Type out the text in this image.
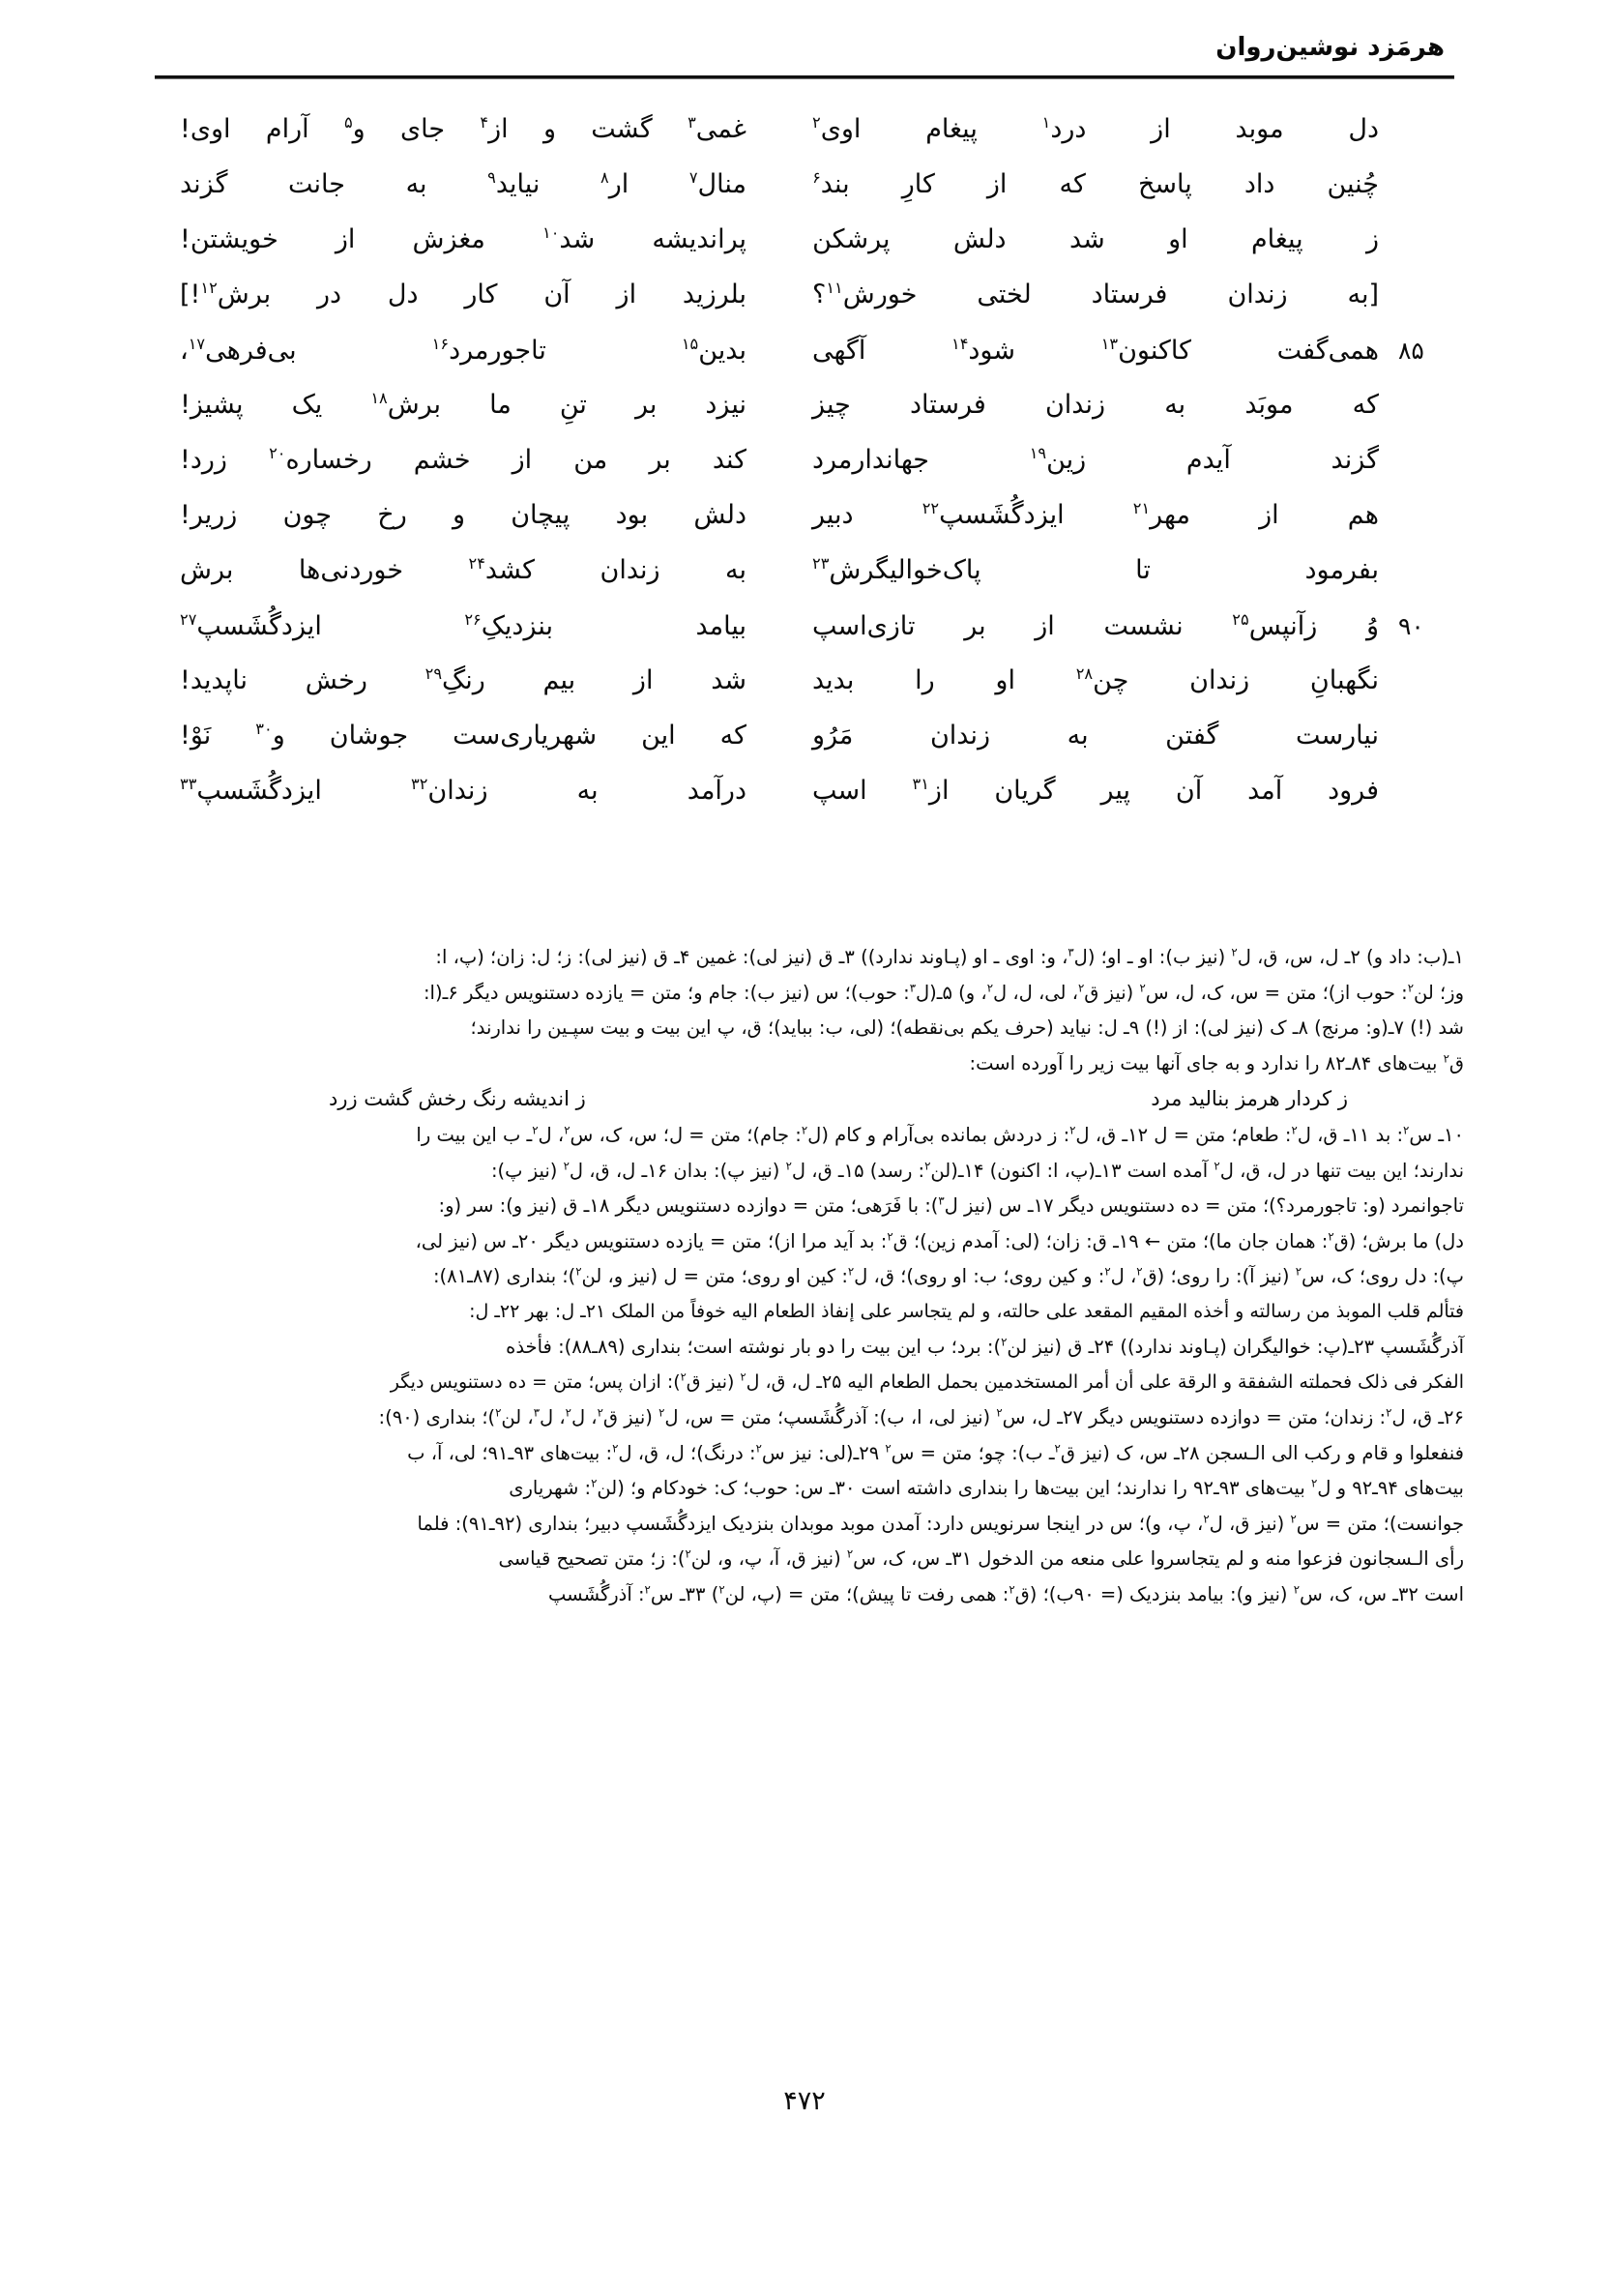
هرمَزد نوشین‌روان
دل
موبد
از
درد$^۱$
پیغام
اوی$^۲$
غمی$^۳$
گشت
و
از$^۴$
جای
و$^۵$
آرام
اوی!
چُنین
داد
پاسخ
که
از
کارِ
بند$^۶$
منال$^۷$
ار$^۸$
نیاید$^۹$
به
جانت
گزند
ز
پیغام
او
شد
دلش
پرشکن
پراندیشه
شد$^{۱۰}$
مغزش
از
خویشتن!
[به
زندان
فرستاد
لختی
خورش$^{۱۱}$؟
بلرزید
از
آن
کار
دل
در
برش$^{۱۲}$!]
۸۵
همی‌گفت
کاکنون$^{۱۳}$
شود$^{۱۴}$
آگهی
بدین$^{۱۵}$
تاجورمرد$^{۱۶}$
بی‌فرهی$^{۱۷}$،
که
موبَد
به
زندان
فرستاد
چیز
نیزد
بر
تنِ
ما
برش$^{۱۸}$
یک
پشیز!
گزند
آیدم
زین$^{۱۹}$
جهاندارمرد
کند
بر
من
از
خشم
رخساره$^{۲۰}$
زرد!
هم
از
مهر$^{۲۱}$
ایزدگُشَسپ$^{۲۲}$
دبیر
دلش
بود
پیچان
و
رخ
چون
زریر!
بفرمود
تا
پاک‌خوالیگرش$^{۲۳}$
به
زندان
کشد$^{۲۴}$
خوردنی‌ها
برش
۹۰
وُ
زآنپس$^{۲۵}$
نشست
از
بر
تازی‌اسپ
بیامد
بنزدیکِ$^{۲۶}$
ایزدگُشَسپ$^{۲۷}$
نگهبانِ
زندان
چن$^{۲۸}$
او
را
بدید
شد
از
بیم
رنگِ$^{۲۹}$
رخش
ناپدید!
نیارست
گفتن
به
زندان
مَرُو
که
این
شهریاری‌ست
جوشان
و$^{۳۰}$
نَوْ!
فرود
آمد
آن
پیر
گریان
از$^{۳۱}$
اسپ
درآمد
به
زندان$^{۳۲}$
ایزدگُشَسپ$^{۳۳}$
۱ـ(ب: داد و) ۲ـ ل، س، ق، ل$^۲$ (نیز ب): او ـ او؛ (ل$^۳$، و: اوی ـ او (پـاوند ندارد)) ۳ـ ق (نیز لی): غمین ۴ـ ق (نیز لی): ز؛ ل: زان؛ (پ، ا:
وز؛ لن$^۲$: حوب از)؛ متن = س، ک، ل، س$^۲$ (نیز ق$^۲$، لی، ل، ل$^۲$، و) ۵ـ(ل$^۳$: حوب)؛ س (نیز ب): جام و؛ متن = یازده دستنویس دیگر ۶ـ(ا:
شد (!) ۷ـ(و: مرنج) ۸ـ ک (نیز لی): از (!) ۹ـ ل: نیاید (حرف یکم بی‌نقطه)؛ (لی، ب: بباید)؛ ق، پ این بیت و بیت سپـین را ندارند؛
ق$^۲$ بیت‌های ۸۴ـ۸۲ را ندارد و به جای آنها بیت زیر را آورده است:
ز کردار هرمز بنالید مرد
ز اندیشه رنگ رخش گشت زرد
۱۰ـ س$^۲$: بد ۱۱ـ ق، ل$^۲$: طعام؛ متن = ل ۱۲ـ ق، ل$^۲$: ز دردش بمانده بی‌آرام و کام (ل$^۲$: جام)؛ متن = ل؛ س، ک، س$^۲$، ل$^۲$ـ ب این بیت را
ندارند؛ این بیت تنها در ل، ق، ل$^۲$ آمده است ۱۳ـ(پ، ا: اکنون) ۱۴ـ(لن$^۲$: رسد) ۱۵ـ ق، ل$^۲$ (نیز پ): بدان ۱۶ـ ل، ق، ل$^۲$ (نیز پ):
تاجوانمرد (و: تاجورمرد؟)؛ متن = ده دستنویس دیگر ۱۷ـ س (نیز ل$^۳$): با فَرَهی؛ متن = دوازده دستنویس دیگر ۱۸ـ ق (نیز و): سر (و:
دل) ما برش؛ (ق$^۲$: همان جان ما)؛ متن ← ۱۹ـ ق: زان؛ (لی: آمدم زین)؛ ق$^۲$: بد آید مرا از)؛ متن = یازده دستنویس دیگر ۲۰ـ س (نیز لی،
پ): دل روی؛ ک، س$^۲$ (نیز آ): را روی؛ (ق$^۲$، ل$^۲$: و کین روی؛ ب: او روی)؛ ق، ل$^۲$: کین او روی؛ متن = ل (نیز و، لن$^۲$)؛ بنداری (۸۷ـ۸۱):
فتألم قلب الموبذ من رسالته و أخذه المقیم المقعد علی حالته، و لم یتجاسر علی إنفاذ الطعام الیه خوفاً من الملک ۲۱ـ ل: بهر ۲۲ـ ل:
آذرگُشَسپ ۲۳ـ(پ: خوالیگران (پـاوند ندارد)) ۲۴ـ ق (نیز لن$^۲$): برد؛ ب این بیت را دو بار نوشته است؛ بنداری (۸۹ـ۸۸): فأخذه
الفکر فی ذلک فحملته الشفقة و الرقة علی أن أمر المستخدمین بحمل الطعام الیه ۲۵ـ ل، ق، ل$^۲$ (نیز ق$^۲$): ازان پس؛ متن = ده دستنویس دیگر
۲۶ـ ق، ل$^۲$: زندان؛ متن = دوازده دستنویس دیگر ۲۷ـ ل، س$^۲$ (نیز لی، ا، ب): آذرگُشَسپ؛ متن = س، ل$^۲$ (نیز ق$^۲$، ل$^۲$، ل$^۳$، لن$^۲$)؛ بنداری (۹۰):
فنفعلوا و قام و رکب الی الـسجن ۲۸ـ س، ک (نیز ق$^۲$ـ ب): چو؛ متن = س$^۲$ ۲۹ـ(لی: نیز س$^۲$: درنگ)؛ ل، ق، ل$^۲$: بیت‌های ۹۳ـ۹۱؛ لی، آ، ب
بیت‌های ۹۴ـ۹۲ و ل$^۲$ بیت‌های ۹۳ـ۹۲ را ندارند؛ این بیت‌ها را بنداری داشته است ۳۰ـ س: حوب؛ ک: خودکام و؛ (لن$^۲$: شهریاری
جوانست)؛ متن = س$^۲$ (نیز ق، ل$^۲$، پ، و)؛ س در اینجا سرنویس دارد: آمدن موبد موبدان بنزدیک ایزدگُشَسپ دبیر؛ بنداری (۹۲ـ۹۱): فلما
رأی الـسجانون فزعوا منه و لم یتجاسروا علی منعه من الدخول ۳۱ـ س، ک، س$^۲$ (نیز ق، آ، پ، و، لن$^۲$): ز؛ متن تصحیح قیاسی
است ۳۲ـ س، ک، س$^۲$ (نیز و): بیامد بنزدیک (= ۹۰ب)؛ (ق$^۲$: همی رفت تا پیش)؛ متن = (پ، لن$^۲$) ۳۳ـ س$^۲$: آذرگُشَسپ
۴۷۲
